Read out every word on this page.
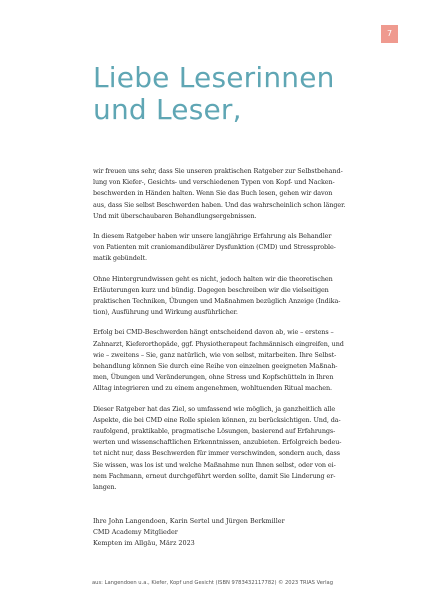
7
Liebe Leserinnen
und Leser,

wir freuen uns sehr, dass Sie unseren praktischen Ratgeber zur Selbstbehand-
lung von Kiefer-, Gesichts- und verschiedenen Typen von Kopf- und Nacken-
beschwerden in Händen halten. Wenn Sie das Buch lesen, gehen wir davon
aus, dass Sie selbst Beschwerden haben. Und das wahrscheinlich schon länger.
Und mit überschaubaren Behandlungsergebnissen.

In diesem Ratgeber haben wir unsere langjährige Erfahrung als Behandler
von Patienten mit craniomandibulärer Dysfunktion (CMD) und Stressproble-
matik gebündelt.

Ohne Hintergrundwissen geht es nicht, jedoch halten wir die theoretischen
Erläuterungen kurz und bündig. Dagegen beschreiben wir die vielseitigen
praktischen Techniken, Übungen und Maßnahmen bezüglich Anzeige (Indika-
tion), Ausführung und Wirkung ausführlicher.

Erfolg bei CMD-Beschwerden hängt entscheidend davon ab, wie – erstens –
Zahnarzt, Kieferorthopäde, ggf. Physiotherapeut fachmännisch eingreifen, und
wie – zweitens – Sie, ganz natürlich, wie von selbst, mitarbeiten. Ihre Selbst-
behandlung können Sie durch eine Reihe von einzelnen geeigneten Maßnah-
men, Übungen und Veränderungen, ohne Stress und Kopfschütteln in Ihren
Alltag integrieren und zu einem angenehmen, wohltuenden Ritual machen.

Dieser Ratgeber hat das Ziel, so umfassend wie möglich, ja ganzheitlich alle
Aspekte, die bei CMD eine Rolle spielen können, zu berücksichtigen. Und, da-
raufolgend, praktikable, pragmatische Lösungen, basierend auf Erfahrungs-
werten und wissenschaftlichen Erkenntnissen, anzubieten. Erfolgreich bedeu-
tet nicht nur, dass Beschwerden für immer verschwinden, sondern auch, dass
Sie wissen, was los ist und welche Maßnahme nun Ihnen selbst, oder von ei-
nem Fachmann, erneut durchgeführt werden sollte, damit Sie Linderung er-
langen.

Ihre John Langendoen, Karin Sertel und Jürgen Berkmiller
CMD Academy Mitglieder
Kempten im Allgäu, März 2023
aus: Langendoen u.a., Kiefer, Kopf und Gesicht (ISBN 9783432117782) © 2023 TRIAS Verlag
